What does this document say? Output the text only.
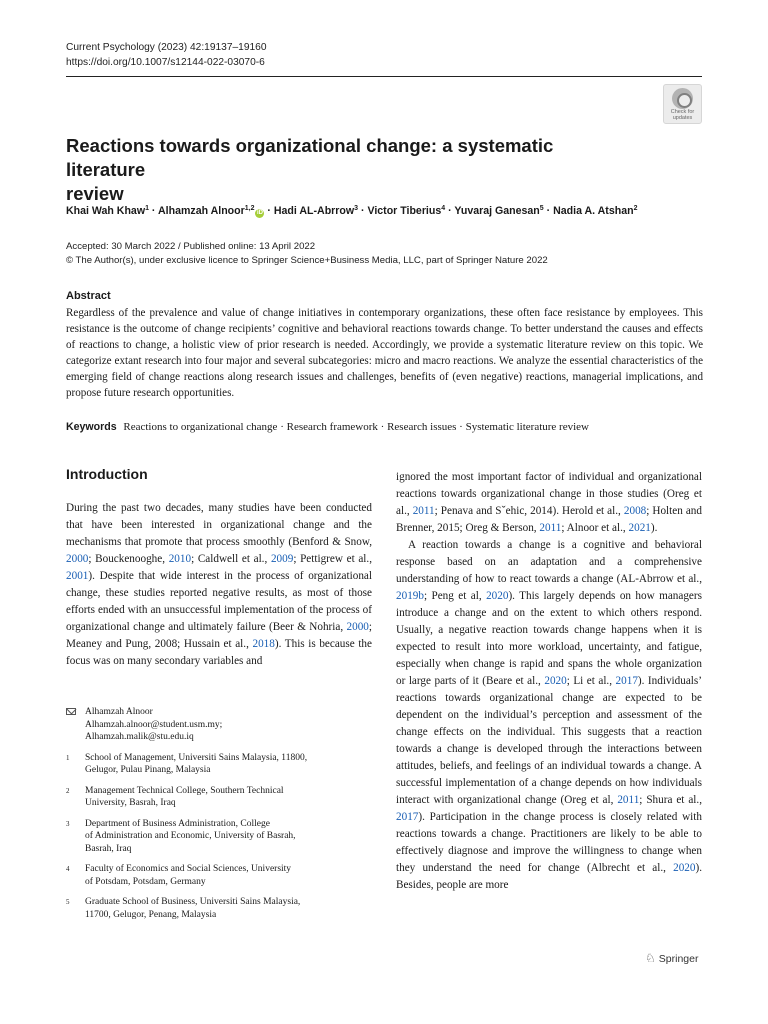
Current Psychology (2023) 42:19137–19160
https://doi.org/10.1007/s12144-022-03070-6
Check for
updates
Reactions towards organizational change: a systematic literature
review
Khai Wah Khaw$^1$ · Alhamzah Alnoor$^{1,2}$iD · Hadi AL-Abrrow$^3$ · Victor Tiberius$^4$ · Yuvaraj Ganesan$^5$ · Nadia A. Atshan$^2$
Accepted: 30 March 2022 / Published online: 13 April 2022
© The Author(s), under exclusive licence to Springer Science+Business Media, LLC, part of Springer Nature 2022
Abstract
Regardless of the prevalence and value of change initiatives in contemporary organizations, these often face resistance by employees. This resistance is the outcome of change recipients’ cognitive and behavioral reactions towards change. To better understand the causes and effects of reactions to change, a holistic view of prior research is needed. Accordingly, we provide a systematic literature review on this topic. We categorize extant research into four major and several subcategories: micro and macro reactions. We analyze the essential characteristics of the emerging field of change reactions along research issues and challenges, benefits of (even negative) reactions, managerial implications, and propose future research opportunities.
Keywords Reactions to organizational change · Research framework · Research issues · Systematic literature review
Introduction

During the past two decades, many studies have been conducted that have been interested in organizational change and the mechanisms that promote that process smoothly (Benford & Snow, 2000; Bouckenooghe, 2010; Caldwell et al., 2009; Pettigrew et al., 2001). Despite that wide interest in the process of organizational change, these studies reported negative results, as most of those efforts ended with an unsuccessful implementation of the process of organizational change and ultimately failure (Beer & Nohria, 2000; Meaney and Pung, 2008; Hussain et al., 2018). This is because the focus was on many secondary variables and

ignored the most important factor of individual and organizational reactions towards organizational change in those studies (Oreg et al., 2011; Penava and Sˇehic, 2014). Herold et al., 2008; Holten and Brenner, 2015; Oreg & Berson, 2011; Alnoor et al., 2021).

A reaction towards a change is a cognitive and behavioral response based on an adaptation and a comprehensive understanding of how to react towards a change (AL-Abrrow et al., 2019b; Peng et al, 2020). This largely depends on how managers introduce a change and on the extent to which others respond. Usually, a negative reaction towards change happens when it is expected to result into more workload, uncertainty, and fatigue, especially when change is rapid and spans the whole organization or large parts of it (Beare et al., 2020; Li et al., 2017). Individuals’ reactions towards organizational change are expected to be dependent on the individual’s perception and assessment of the change effects on the individual. This suggests that a reaction towards a change is developed through the interactions between attitudes, beliefs, and feelings of an individual towards a change. A successful implementation of a change depends on how individuals interact with organizational change (Oreg et al, 2011; Shura et al., 2017). Participation in the change process is closely related with reactions towards a change. Practitioners are likely to be able to effectively diagnose and improve the willingness to change when they understand the need for change (Albrecht et al., 2020). Besides, people are more

Alhamzah Alnoor
Alhamzah.alnoor@student.usm.my;
Alhamzah.malik@stu.edu.iq
1 School of Management, Universiti Sains Malaysia, 11800,
Gelugor, Pulau Pinang, Malaysia
2 Management Technical College, Southern Technical
University, Basrah, Iraq
3 Department of Business Administration, College
of Administration and Economic, University of Basrah,
Basrah, Iraq
4 Faculty of Economics and Social Sciences, University
of Potsdam, Potsdam, Germany
5 Graduate School of Business, Universiti Sains Malaysia,
11700, Gelugor, Penang, Malaysia
♘ Springer
